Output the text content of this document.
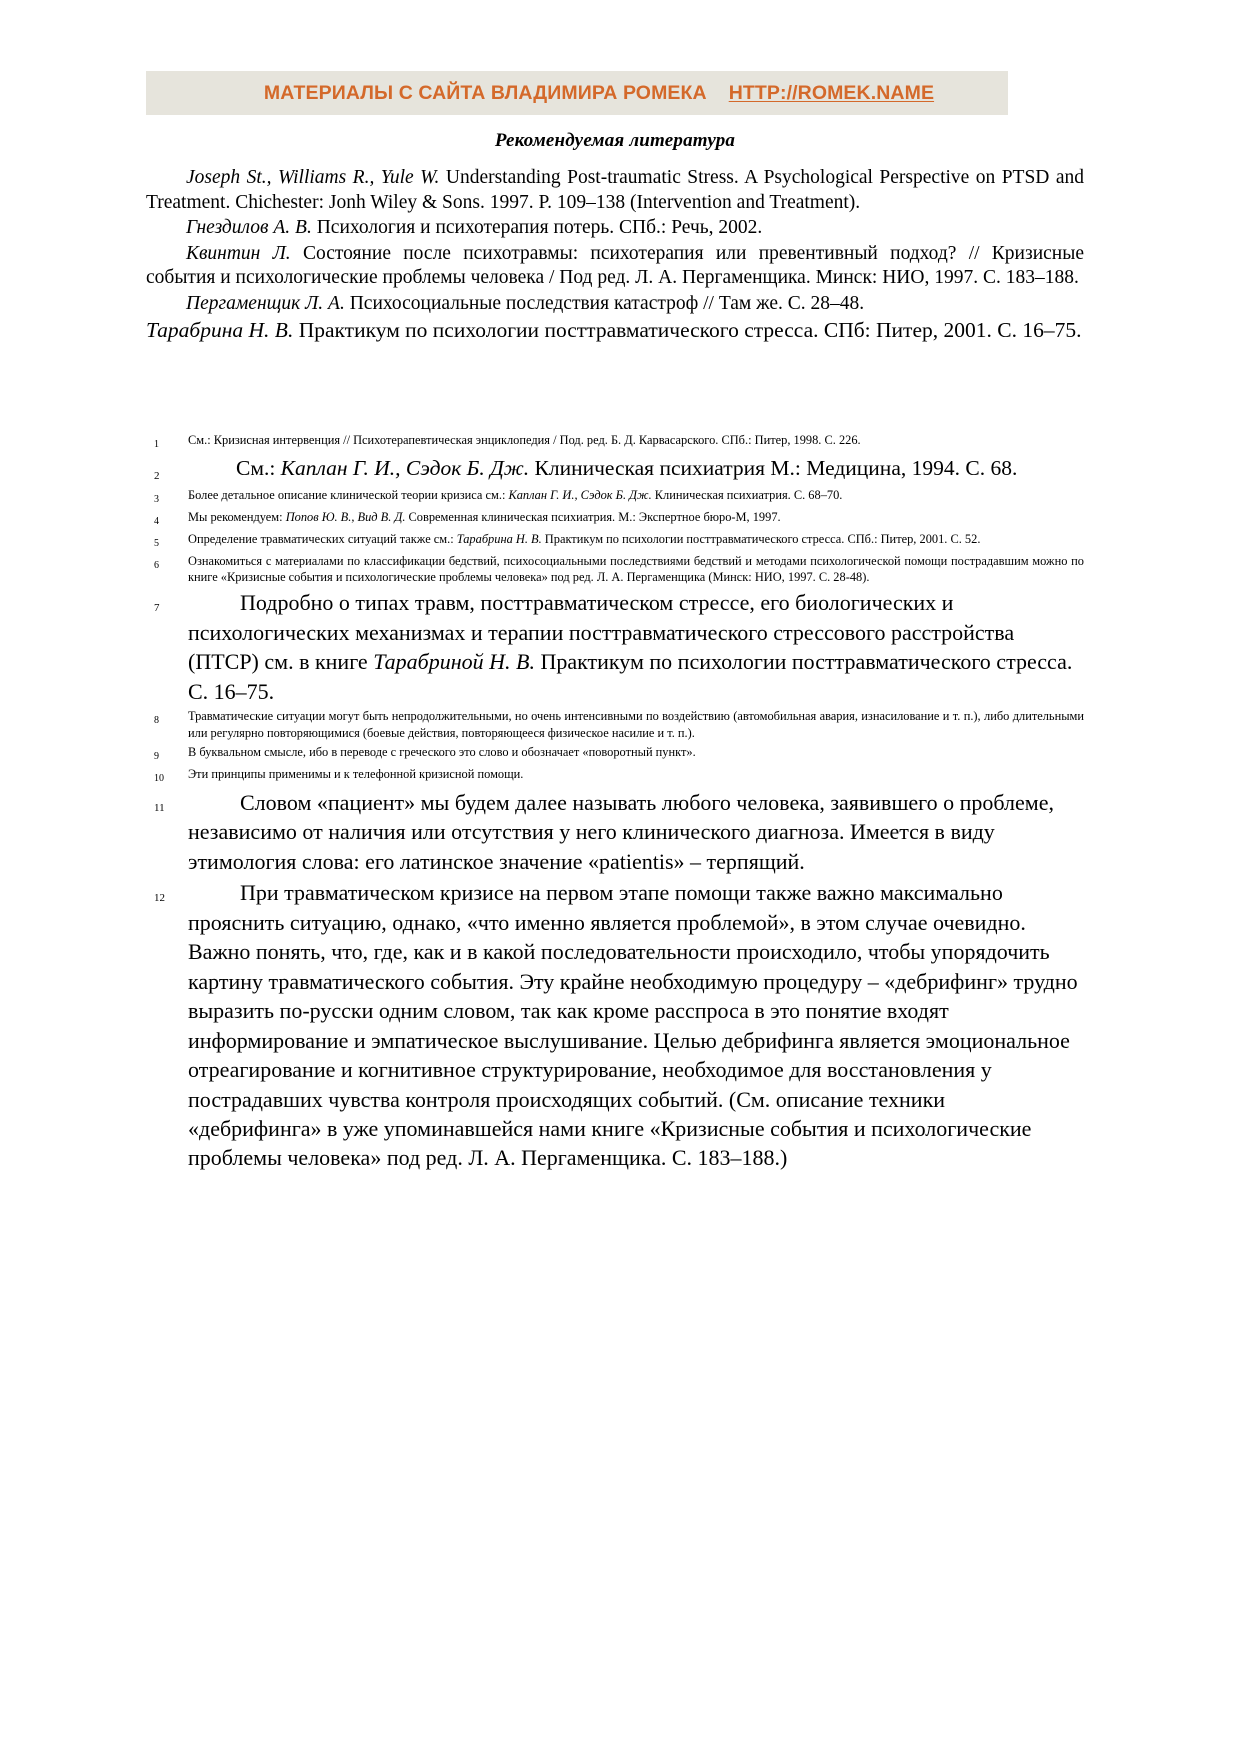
МАТЕРИАЛЫ С САЙТА ВЛАДИМИРА РОМЕКА HTTP://ROMEK.NAME
Рекомендуемая литература

Joseph St., Williams R., Yule W. Understanding Post-traumatic Stress. A Psychological Perspective on PTSD and Treatment. Chichester: Jonh Wiley & Sons. 1997. P. 109–138 (Intervention and Treatment).

Гнездилов А. В. Психология и психотерапия потерь. СПб.: Речь, 2002.

Квинтин Л. Состояние после психотравмы: психотерапия или превентивный подход? // Кризисные события и психологические проблемы человека / Под ред. Л. А. Пергаменщика. Минск: НИО, 1997. С. 183–188.

Пергаменщик Л. А. Психосоциальные последствия катастроф // Там же. С. 28–48.

Тарабрина Н. В. Практикум по психологии посттравматического стресса. СПб: Питер, 2001. С. 16–75.

1	См.: Кризисная интервенция // Психотерапевтическая энциклопедия / Под. ред. Б. Д. Карвасарского. СПб.: Питер, 1998. С. 226.
2	См.: Каплан Г. И., Сэдок Б. Дж. Клиническая психиатрия М.: Медицина, 1994. С. 68.
3	Более детальное описание клинической теории кризиса см.: Каплан Г. И., Сэдок Б. Дж. Клиническая психиатрия. С. 68–70.
4	Мы рекомендуем: Попов Ю. В., Вид В. Д. Современная клиническая психиатрия. М.: Экспертное бюро-М, 1997.
5	Определение травматических ситуаций также см.: Тарабрина Н. В. Практикум по психологии посттравматического стресса. СПб.: Питер, 2001. С. 52.
6	Ознакомиться с материалами по классификации бедствий, психосоциальными последствиями бедствий и методами психологической помощи пострадавшим можно по книге «Кризисные события и психологические проблемы человека» под ред. Л. А. Пергаменщика (Минск: НИО, 1997. С. 28-48).
7	Подробно о типах травм, посттравматическом стрессе, его биологических и психологических механизмах и терапии посттравматического стрессового расстройства (ПТСР) см. в книге Тарабриной Н. В. Практикум по психологии посттравматического стресса. С. 16–75.
8	Травматические ситуации могут быть непродолжительными, но очень интенсивными по воздействию (автомобильная авария, изнасилование и т. п.), либо длительными или регулярно повторяющимися (боевые действия, повторяющееся физическое насилие и т. п.).
9	В буквальном смысле, ибо в переводе с греческого это слово и обозначает «поворотный пункт».
10	Эти принципы применимы и к телефонной кризисной помощи.
11	Словом «пациент» мы будем далее называть любого человека, заявившего о проблеме, независимо от наличия или отсутствия у него клинического диагноза. Имеется в виду этимология слова: его латинское значение «patientis» – терпящий.
12	При травматическом кризисе на первом этапе помощи также важно максимально прояснить ситуацию, однако, «что именно является проблемой», в этом случае очевидно. Важно понять, что, где, как и в какой последовательности происходило, чтобы упорядочить картину травматического события. Эту крайне необходимую процедуру – «дебрифинг» трудно выразить по-русски одним словом, так как кроме расспроса в это понятие входят информирование и эмпатическое выслушивание. Целью дебрифинга является эмоциональное отреагирование и когнитивное структурирование, необходимое для восстановления у пострадавших чувства контроля происходящих событий. (См. описание техники «дебрифинга» в уже упоминавшейся нами книге «Кризисные события и психологические проблемы человека» под ред. Л. А. Пергаменщика. С. 183–188.)
